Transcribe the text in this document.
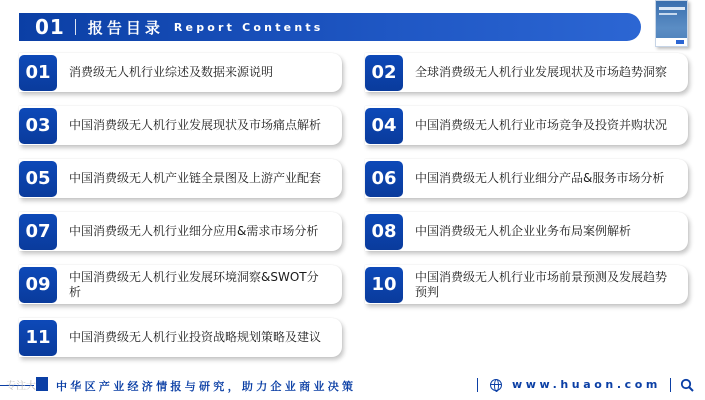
01 报告目录 Report Contents
01	消费级无人机行业综述及数据来源说明	02	全球消费级无人机行业发展现状及市场趋势洞察
03	中国消费级无人机行业发展现状及市场痛点解析	04	中国消费级无人机行业市场竞争及投资并购状况
05	中国消费级无人机产业链全景图及上游产业配套	06	中国消费级无人机行业细分产品&服务市场分析
07	中国消费级无人机行业细分应用&需求市场分析	08	中国消费级无人机企业业务布局案例解析
09	中国消费级无人机行业发展环境洞察&SWOT分析	10	中国消费级无人机行业市场前景预测及发展趋势预判
11	中国消费级无人机行业投资战略规划策略及建议
中华区产业经济情报与研究，助力企业商业决策	www.huaon.com
专注大
